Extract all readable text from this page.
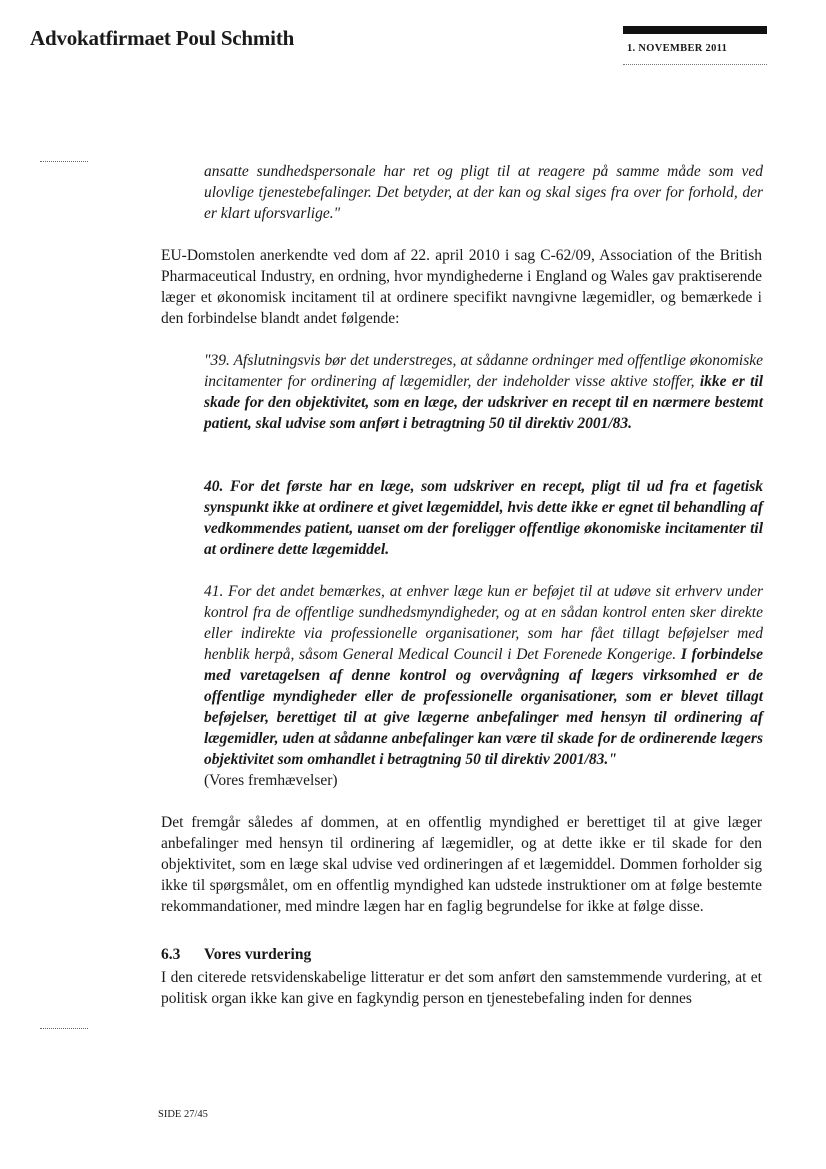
Advokatfirmaet Poul Schmith	1. NOVEMBER 2011

ansatte sundhedspersonale har ret og pligt til at reagere på samme måde som ved ulovlige tjenestebefalinger. Det betyder, at der kan og skal siges fra over for forhold, der er klart uforsvarlige."

EU-Domstolen anerkendte ved dom af 22. april 2010 i sag C-62/09, Association of the British Pharmaceutical Industry, en ordning, hvor myndighederne i England og Wales gav praktiserende læger et økonomisk incitament til at ordinere specifikt navngivne lægemidler, og bemærkede i den forbindelse blandt andet følgende:

"39. Afslutningsvis bør det understreges, at sådanne ordninger med offentlige økonomiske incitamenter for ordinering af lægemidler, der indeholder visse aktive stoffer, ikke er til skade for den objektivitet, som en læge, der udskriver en recept til en nærmere bestemt patient, skal udvise som anført i betragtning 50 til direktiv 2001/83.

40. For det første har en læge, som udskriver en recept, pligt til ud fra et fagetisk synspunkt ikke at ordinere et givet lægemiddel, hvis dette ikke er egnet til behandling af vedkommendes patient, uanset om der foreligger offentlige økonomiske incitamenter til at ordinere dette lægemiddel.

41. For det andet bemærkes, at enhver læge kun er beføjet til at udøve sit erhverv under kontrol fra de offentlige sundhedsmyndigheder, og at en sådan kontrol enten sker direkte eller indirekte via professionelle organisationer, som har fået tillagt beføjelser med henblik herpå, såsom General Medical Council i Det Forenede Kongerige. I forbindelse med varetagelsen af denne kontrol og overvågning af lægers virksomhed er de offentlige myndigheder eller de professionelle organisationer, som er blevet tillagt beføjelser, berettiget til at give lægerne anbefalinger med hensyn til ordinering af lægemidler, uden at sådanne anbefalinger kan være til skade for de ordinerende lægers objektivitet som omhandlet i betragtning 50 til direktiv 2001/83."

(Vores fremhævelser)

Det fremgår således af dommen, at en offentlig myndighed er berettiget til at give læger anbefalinger med hensyn til ordinering af lægemidler, og at dette ikke er til skade for den objektivitet, som en læge skal udvise ved ordineringen af et lægemiddel. Dommen forholder sig ikke til spørgsmålet, om en offentlig myndighed kan udstede instruktioner om at følge bestemte rekommandationer, med mindre lægen har en faglig begrundelse for ikke at følge disse.

6.3 Vores vurdering

I den citerede retsvidenskabelige litteratur er det som anført den samstemmende vurdering, at et politisk organ ikke kan give en fagkyndig person en tjenestebefaling inden for dennes

SIDE 27/45
